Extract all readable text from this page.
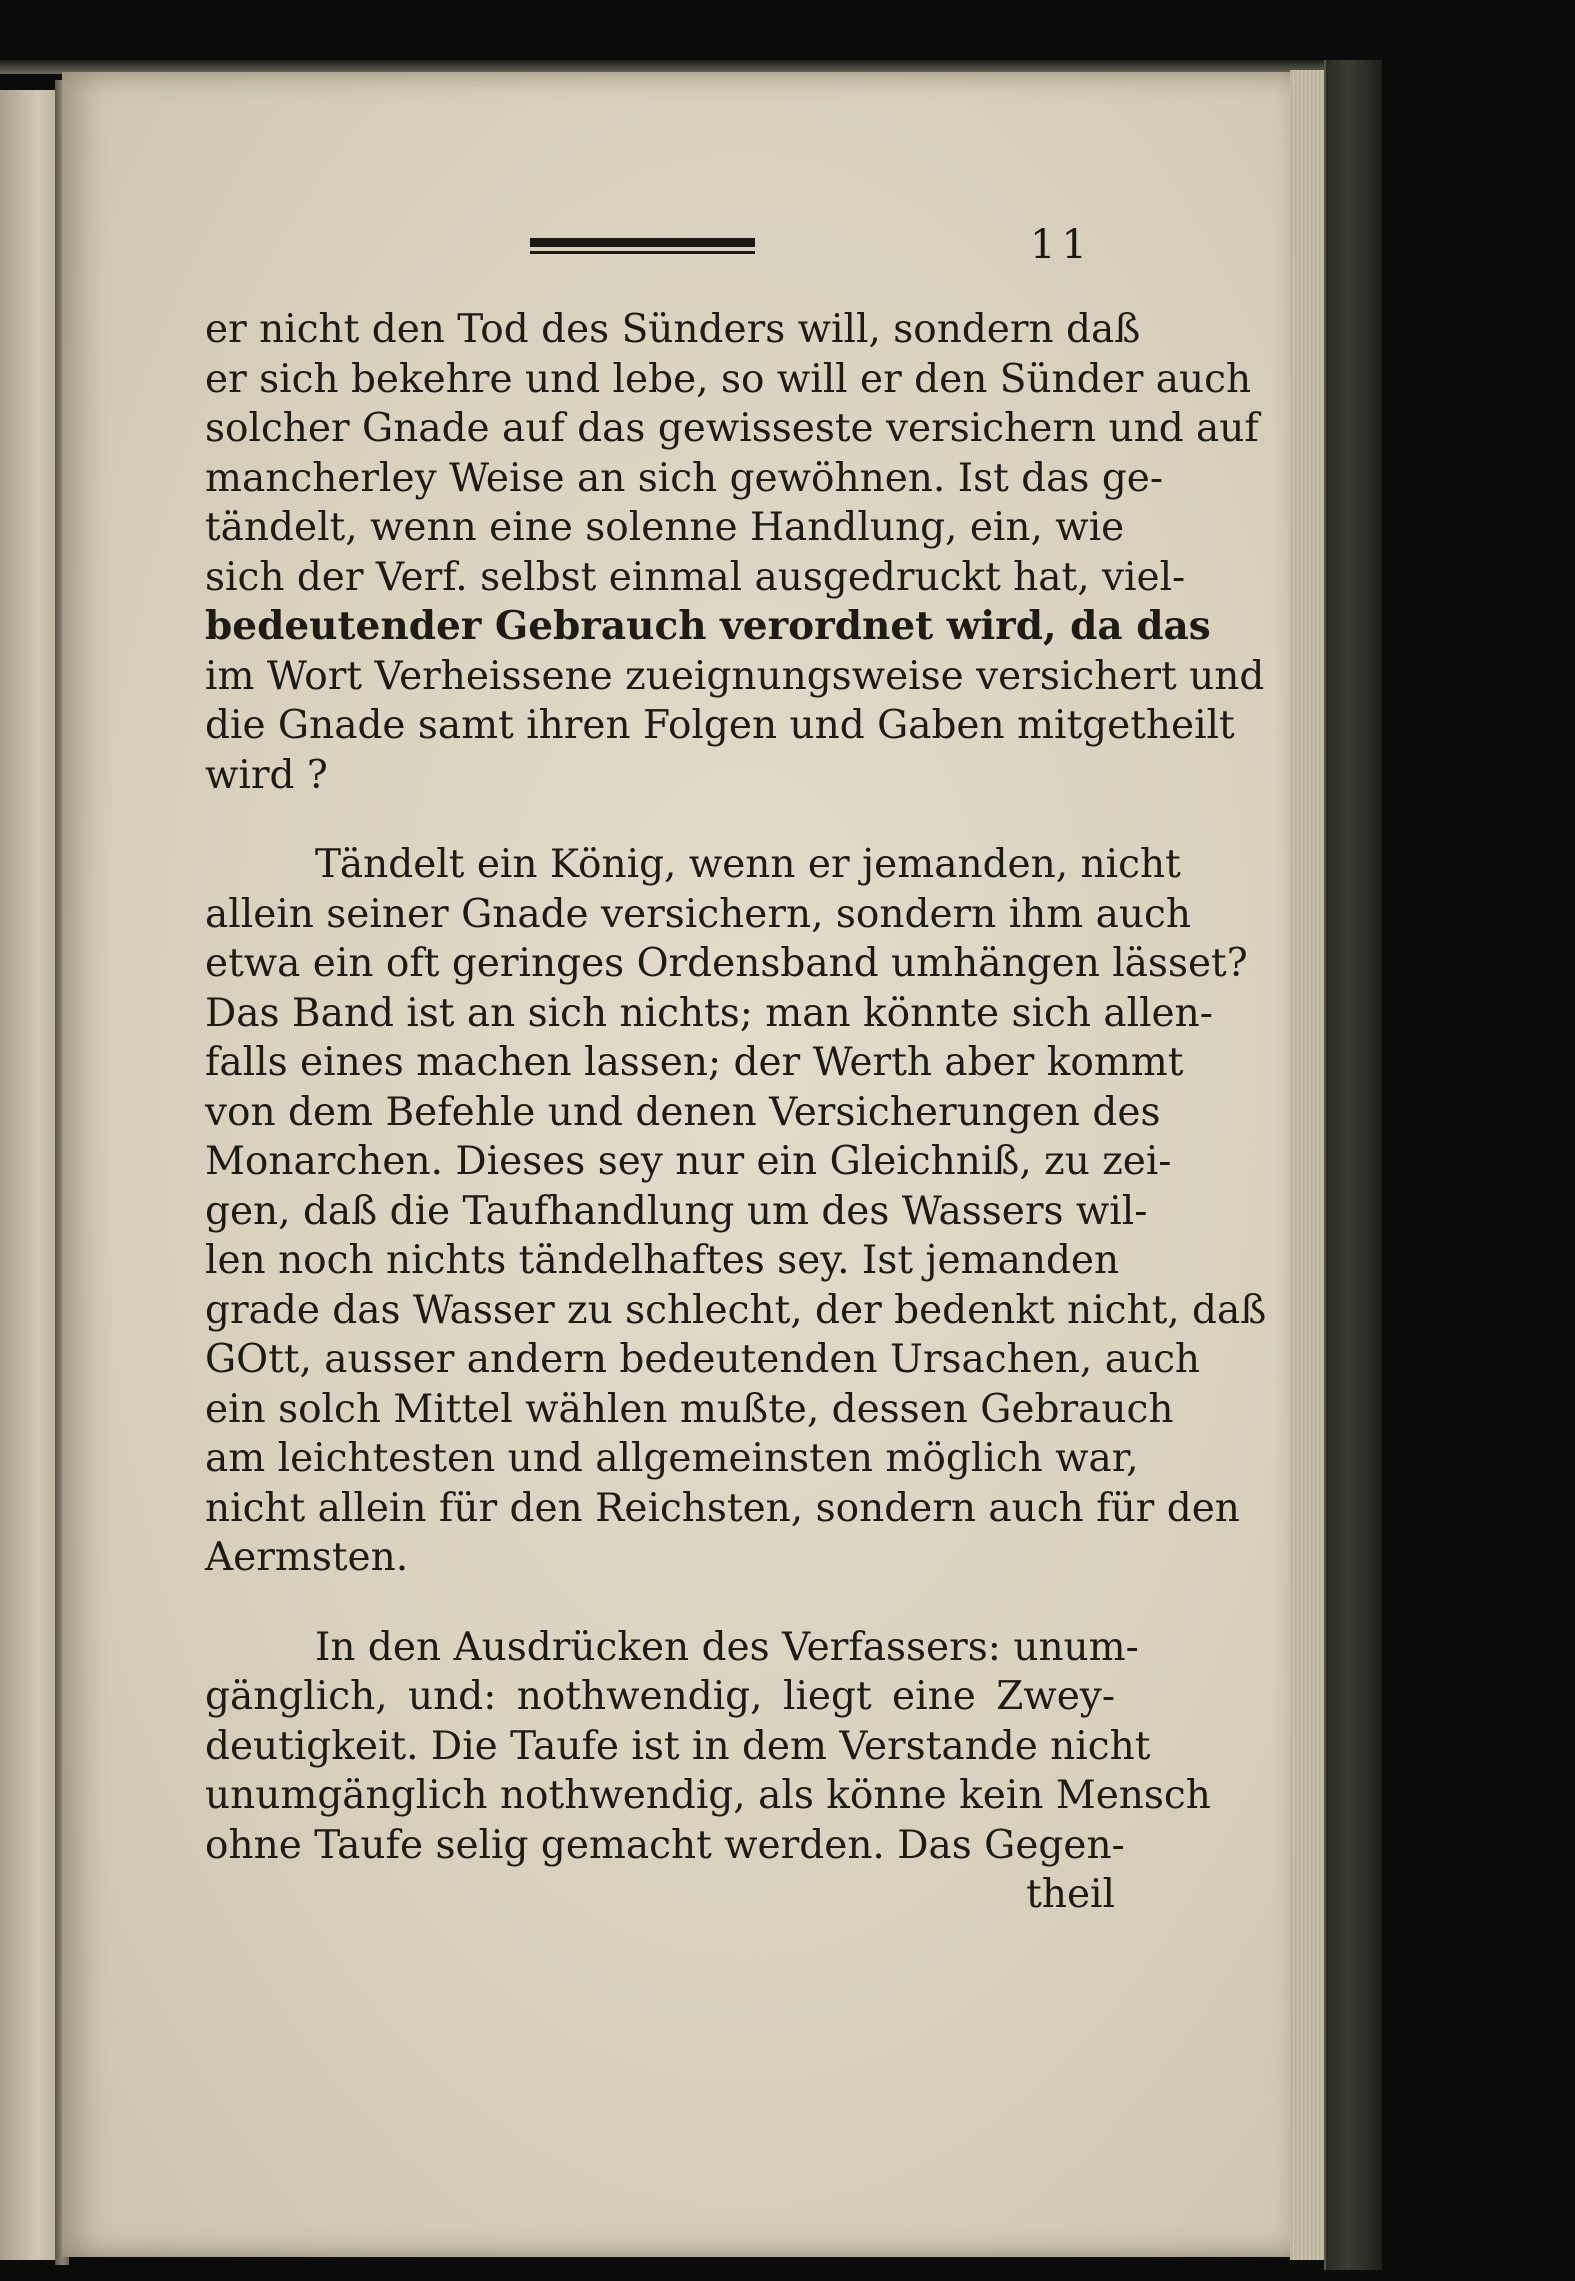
11
er nicht den Tod des Sünders will, sondern daß
er sich bekehre und lebe, so will er den Sünder auch
solcher Gnade auf das gewisseste versichern und auf
mancherley Weise an sich gewöhnen. Ist das ge-
tändelt, wenn eine solenne Handlung, ein, wie
sich der Verf. selbst einmal ausgedruckt hat, viel-
bedeutender Gebrauch verordnet wird, da das
im Wort Verheissene zueignungsweise versichert und
die Gnade samt ihren Folgen und Gaben mitgetheilt
wird ?
Tändelt ein König, wenn er jemanden, nicht
allein seiner Gnade versichern, sondern ihm auch
etwa ein oft geringes Ordensband umhängen lässet?
Das Band ist an sich nichts; man könnte sich allen-
falls eines machen lassen; der Werth aber kommt
von dem Befehle und denen Versicherungen des
Monarchen. Dieses sey nur ein Gleichniß, zu zei-
gen, daß die Taufhandlung um des Wassers wil-
len noch nichts tändelhaftes sey. Ist jemanden
grade das Wasser zu schlecht, der bedenkt nicht, daß
GOtt, ausser andern bedeutenden Ursachen, auch
ein solch Mittel wählen mußte, dessen Gebrauch
am leichtesten und allgemeinsten möglich war,
nicht allein für den Reichsten, sondern auch für den
Aermsten.
In den Ausdrücken des Verfassers: unum-
gänglich, und: nothwendig, liegt eine Zwey-
deutigkeit. Die Taufe ist in dem Verstande nicht
unumgänglich nothwendig, als könne kein Mensch
ohne Taufe selig gemacht werden. Das Gegen-
theil
